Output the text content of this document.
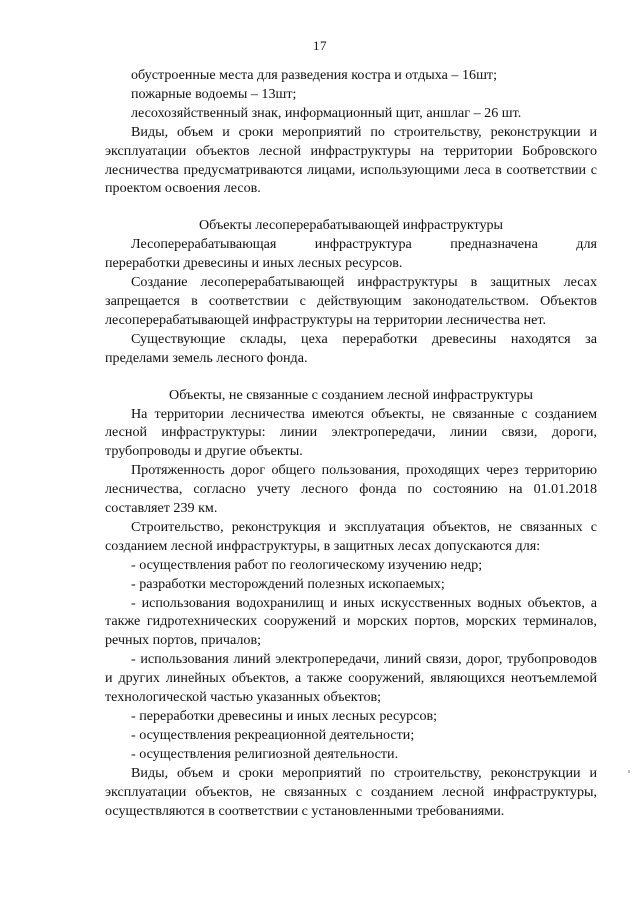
17

обустроенные места для разведения костра и отдыха – 16шт;

пожарные водоемы – 13шт;

лесохозяйственный знак, информационный щит, аншлаг – 26 шт.

Виды, объем и сроки мероприятий по строительству, реконструкции и эксплуатации объектов лесной инфраструктуры на территории Бобровского лесничества предусматриваются лицами, использующими леса в соответствии с проектом освоения лесов.

Объекты лесоперерабатывающей инфраструктуры

Лесоперерабатывающая инфраструктура предназначена для

переработки древесины и иных лесных ресурсов.

Создание лесоперерабатывающей инфраструктуры в защитных лесах запрещается в соответствии с действующим законодательством. Объектов лесоперерабатывающей инфраструктуры на территории лесничества нет.

Существующие склады, цеха переработки древесины находятся за пределами земель лесного фонда.

Объекты, не связанные с созданием лесной инфраструктуры

На территории лесничества имеются объекты, не связанные с созданием лесной инфраструктуры: линии электропередачи, линии связи, дороги, трубопроводы и другие объекты.

Протяженность дорог общего пользования, проходящих через территорию лесничества, согласно учету лесного фонда по состоянию на 01.01.2018 составляет 239 км.

Строительство, реконструкция и эксплуатация объектов, не связанных с созданием лесной инфраструктуры, в защитных лесах допускаются для:

- осуществления работ по геологическому изучению недр;

- разработки месторождений полезных ископаемых;

- использования водохранилищ и иных искусственных водных объектов, а также гидротехнических сооружений и морских портов, морских терминалов, речных портов, причалов;

- использования линий электропередачи, линий связи, дорог, трубопроводов и других линейных объектов, а также сооружений, являющихся неотъемлемой технологической частью указанных объектов;

- переработки древесины и иных лесных ресурсов;

- осуществления рекреационной деятельности;

- осуществления религиозной деятельности.

Виды, объем и сроки мероприятий по строительству, реконструкции и эксплуатации объектов, не связанных с созданием лесной инфраструктуры, осуществляются в соответствии с установленными требованиями.
